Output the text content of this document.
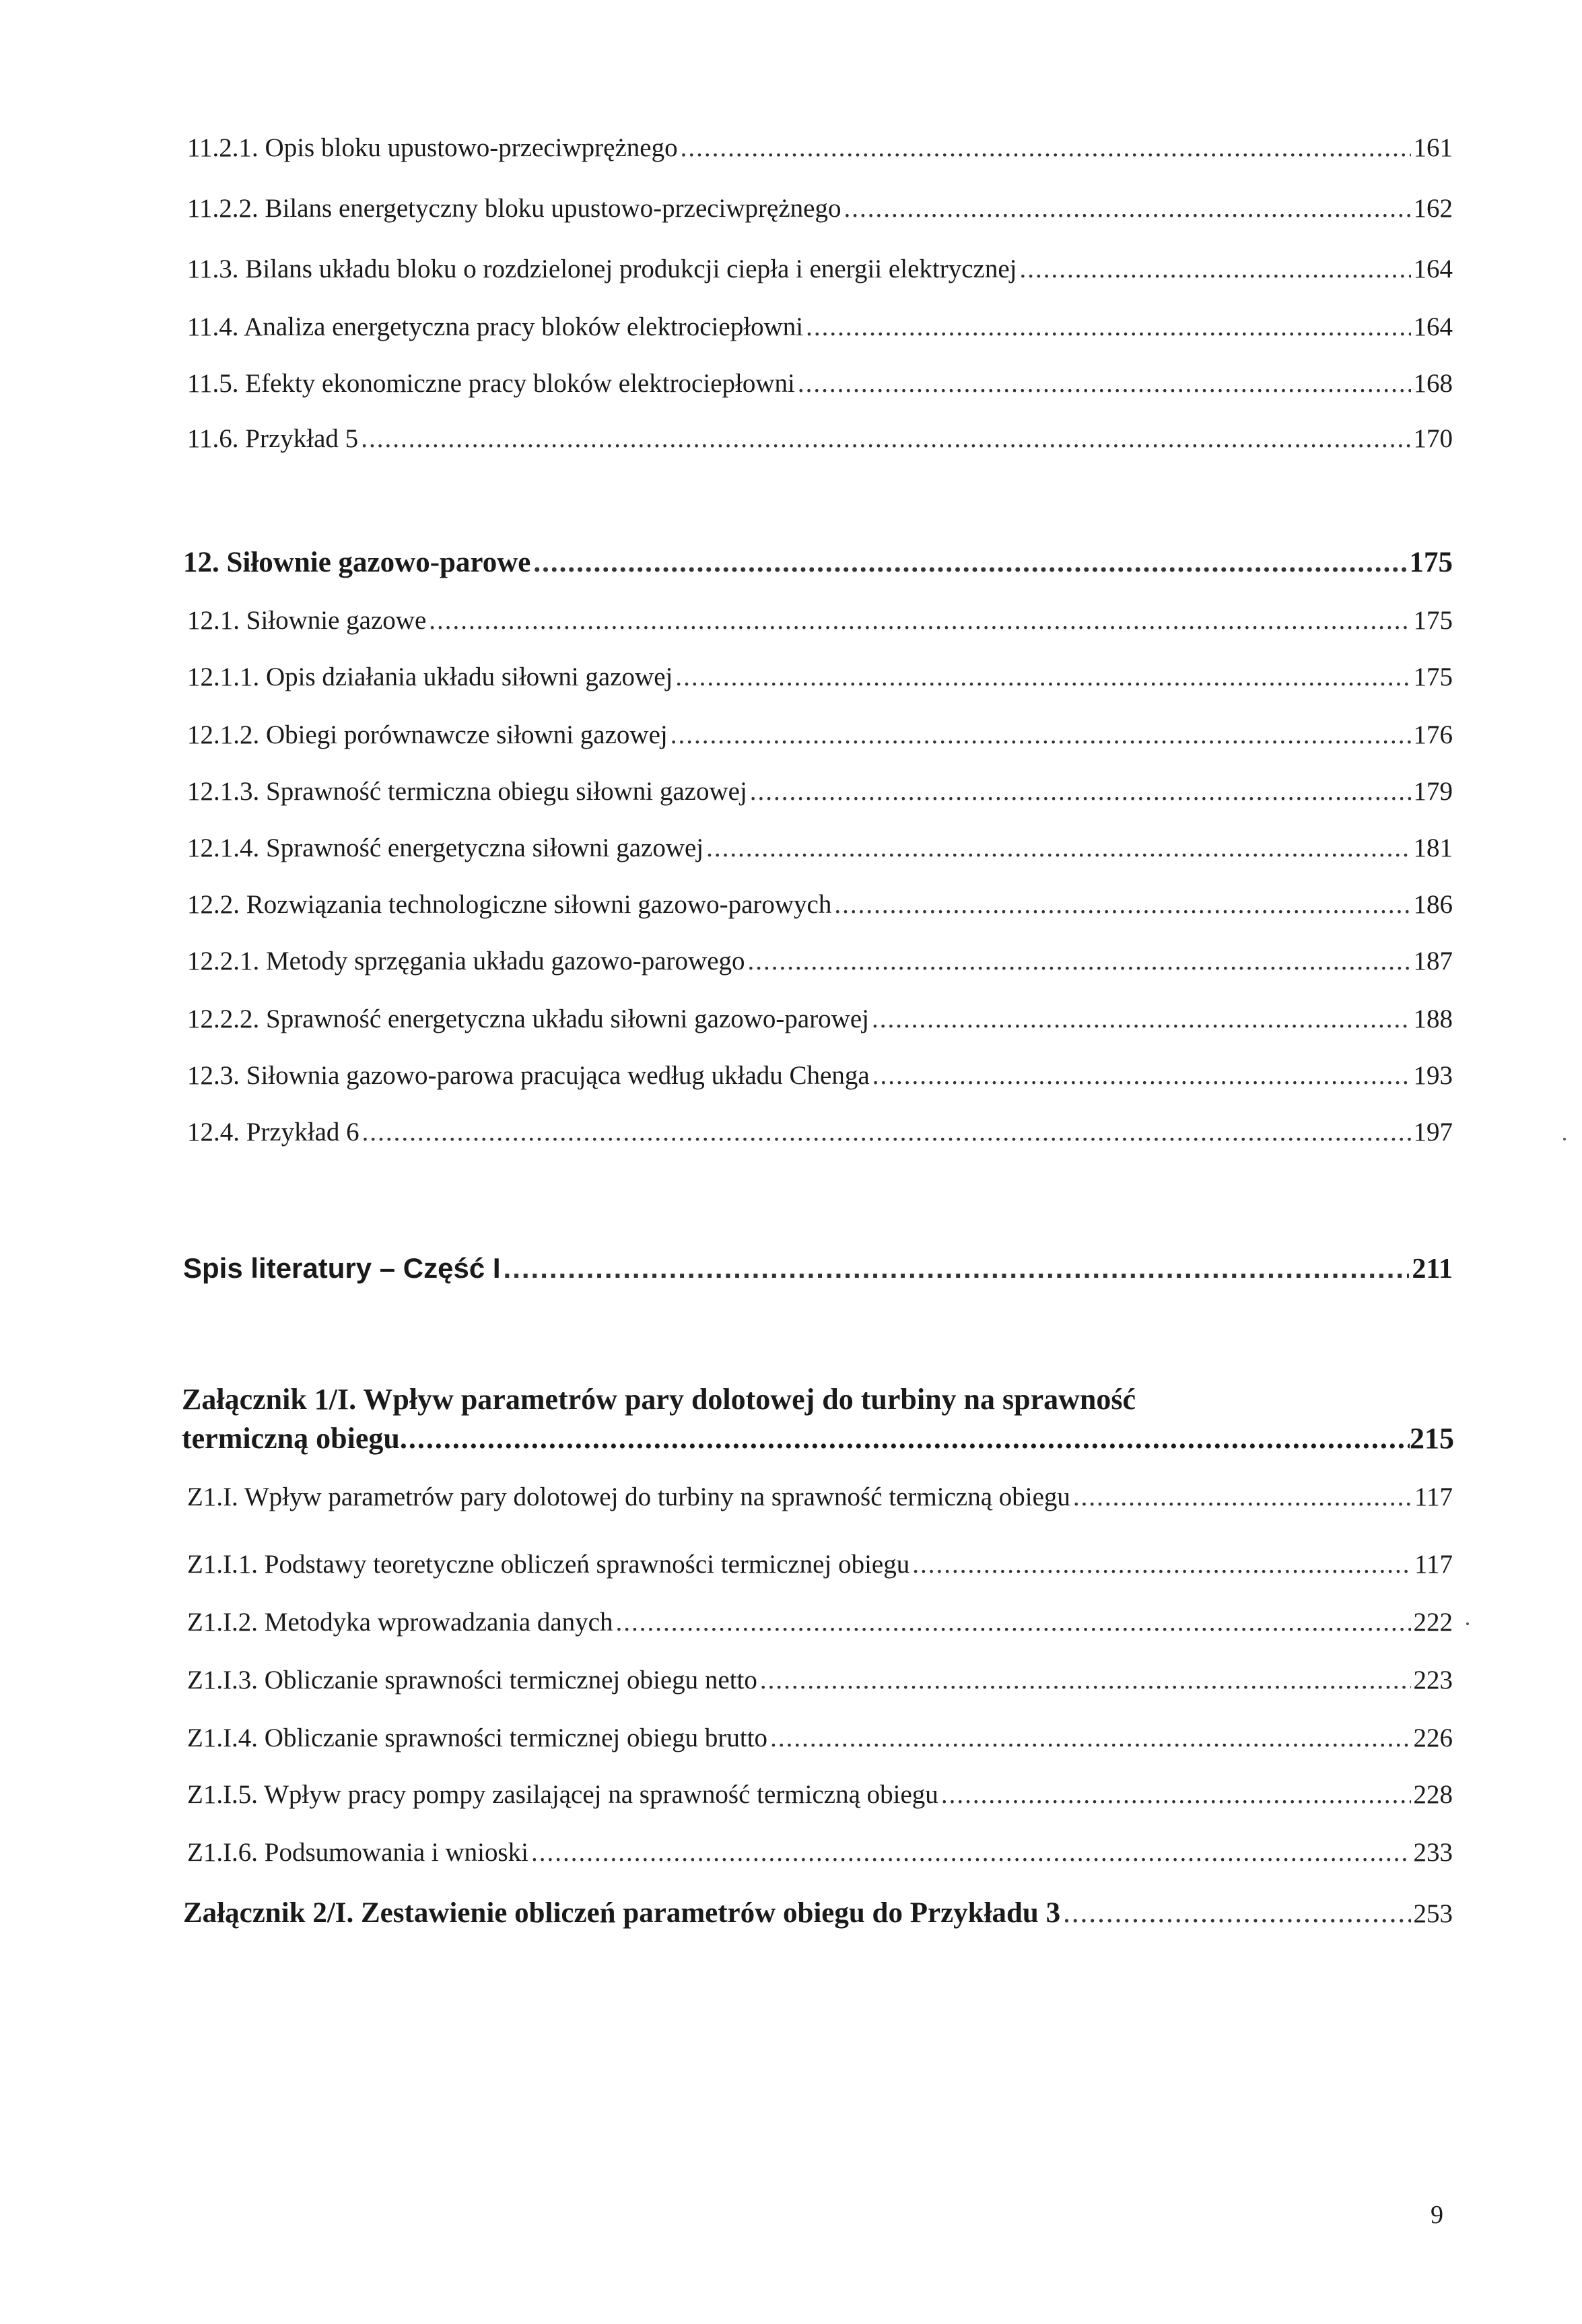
11.2.1. Opis bloku upustowo-przeciwprężnego .....	161
11.2.2. Bilans energetyczny bloku upustowo-przeciwprężnego .....	162
11.3. Bilans układu bloku o rozdzielonej produkcji ciepła i energii elektrycznej .....	164
11.4. Analiza energetyczna pracy bloków elektrociepłowni .....	164
11.5. Efekty ekonomiczne pracy bloków elektrociepłowni .....	168
11.6. Przykład 5 .....	170
12. Siłownie gazowo-parowe .....	175
12.1. Siłownie gazowe .....	175
12.1.1. Opis działania układu siłowni gazowej .....	175
12.1.2. Obiegi porównawcze siłowni gazowej .....	176
12.1.3. Sprawność termiczna obiegu siłowni gazowej .....	179
12.1.4. Sprawność energetyczna siłowni gazowej .....	181
12.2. Rozwiązania technologiczne siłowni gazowo-parowych .....	186
12.2.1. Metody sprzęgania układu gazowo-parowego .....	187
12.2.2. Sprawność energetyczna układu siłowni gazowo-parowej .....	188
12.3. Siłownia gazowo-parowa pracująca według układu Chenga .....	193
12.4. Przykład 6 .....	197
Spis literatury – Część I .....	211
Załącznik 1/I. Wpływ parametrów pary dolotowej do turbiny na sprawność
termiczną obiegu .....	215
Z1.I. Wpływ parametrów pary dolotowej do turbiny na sprawność termiczną obiegu .....	117
Z1.I.1. Podstawy teoretyczne obliczeń sprawności termicznej obiegu .....	117
Z1.I.2. Metodyka wprowadzania danych .....	222
Z1.I.3. Obliczanie sprawności termicznej obiegu netto .....	223
Z1.I.4. Obliczanie sprawności termicznej obiegu brutto .....	226
Z1.I.5. Wpływ pracy pompy zasilającej na sprawność termiczną obiegu .....	228
Z1.I.6. Podsumowania i wnioski .....	233
Załącznik 2/I. Zestawienie obliczeń parametrów obiegu do Przykładu 3 .....	253
9
